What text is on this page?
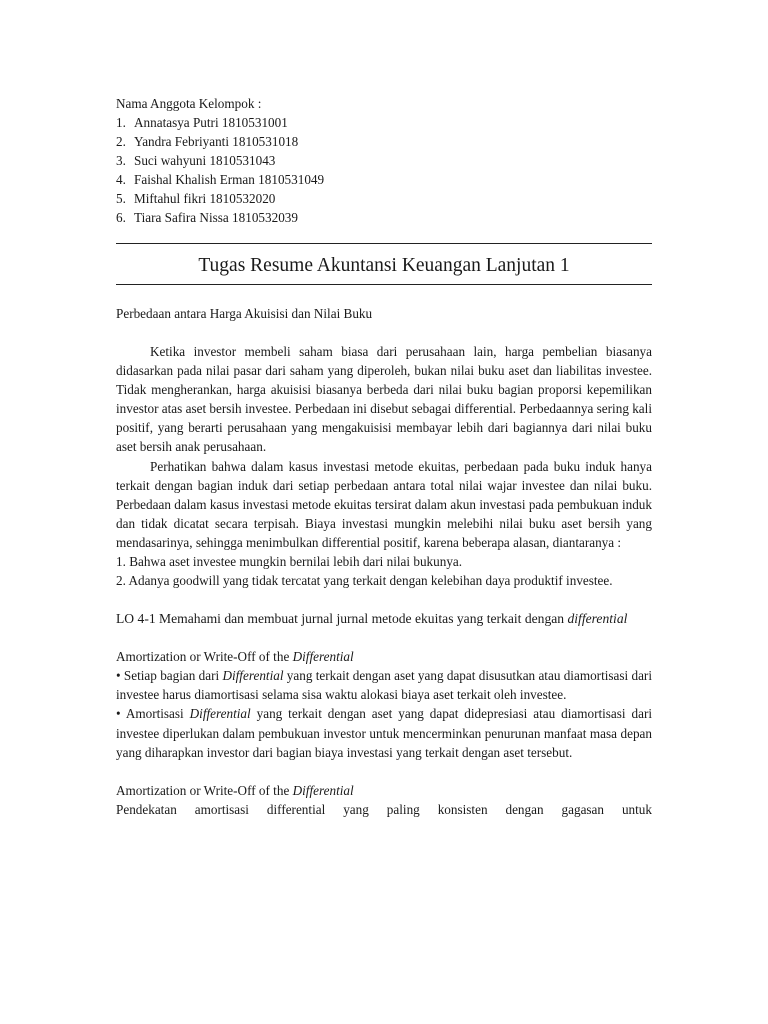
Nama Anggota Kelompok :
1. Annatasya Putri 1810531001
2. Yandra Febriyanti 1810531018
3. Suci wahyuni 1810531043
4. Faishal Khalish Erman 1810531049
5. Miftahul fikri 1810532020
6. Tiara Safira Nissa 1810532039
Tugas Resume Akuntansi Keuangan Lanjutan 1
Perbedaan antara Harga Akuisisi dan Nilai Buku

Ketika investor membeli saham biasa dari perusahaan lain, harga pembelian biasanya didasarkan pada nilai pasar dari saham yang diperoleh, bukan nilai buku aset dan liabilitas investee. Tidak mengherankan, harga akuisisi biasanya berbeda dari nilai buku bagian proporsi kepemilikan investor atas aset bersih investee. Perbedaan ini disebut sebagai differential. Perbedaannya sering kali positif, yang berarti perusahaan yang mengakuisisi membayar lebih dari bagiannya dari nilai buku aset bersih anak perusahaan.

Perhatikan bahwa dalam kasus investasi metode ekuitas, perbedaan pada buku induk hanya terkait dengan bagian induk dari setiap perbedaan antara total nilai wajar investee dan nilai buku. Perbedaan dalam kasus investasi metode ekuitas tersirat dalam akun investasi pada pembukuan induk dan tidak dicatat secara terpisah. Biaya investasi mungkin melebihi nilai buku aset bersih yang mendasarinya, sehingga menimbulkan differential positif, karena beberapa alasan, diantaranya :

1. Bahwa aset investee mungkin bernilai lebih dari nilai bukunya.

2. Adanya goodwill yang tidak tercatat yang terkait dengan kelebihan daya produktif investee.

LO 4-1 Memahami dan membuat jurnal jurnal metode ekuitas yang terkait dengan differential
Amortization or Write-Off of the Differential

• Setiap bagian dari Differential yang terkait dengan aset yang dapat disusutkan atau diamortisasi dari investee harus diamortisasi selama sisa waktu alokasi biaya aset terkait oleh investee.

• Amortisasi Differential yang terkait dengan aset yang dapat didepresiasi atau diamortisasi dari investee diperlukan dalam pembukuan investor untuk mencerminkan penurunan manfaat masa depan yang diharapkan investor dari bagian biaya investasi yang terkait dengan aset tersebut.

Amortization or Write-Off of the Differential

Pendekatan amortisasi differential yang paling konsisten dengan gagasan untuk
